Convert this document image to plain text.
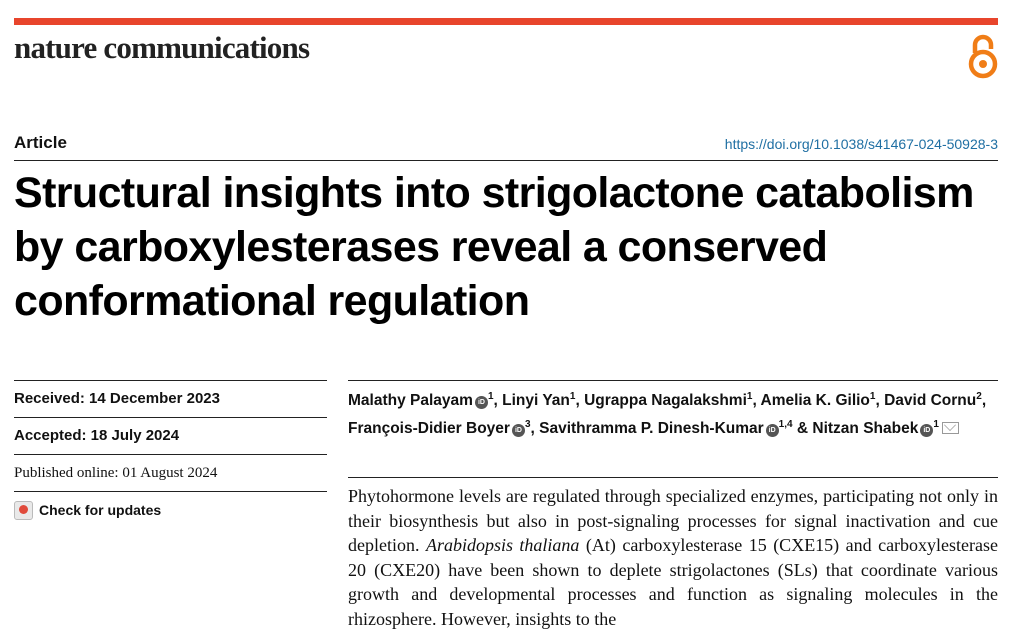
nature communications
Article	https://doi.org/10.1038/s41467-024-50928-3
Structural insights into strigolactone catabolism by carboxylesterases reveal a conserved conformational regulation
Received: 14 December 2023
Accepted: 18 July 2024
Published online: 01 August 2024
Check for updates

Malathy Palayam $iD^1$, Linyi Yan$^1$, Ugrappa Nagalakshmi$^1$, Amelia K. Gilio$^1$, David Cornu$^2$, François-Didier Boyer $iD^3$, Savithramma P. Dinesh-Kumar iD$^{1,4}$ & Nitzan Shabek $iD^1$

Phytohormone levels are regulated through specialized enzymes, participating not only in their biosynthesis but also in post-signaling processes for signal inactivation and cue depletion. Arabidopsis thaliana (At) carboxylesterase 15 (CXE15) and carboxylesterase 20 (CXE20) have been shown to deplete strigolactones (SLs) that coordinate various growth and developmental processes and function as signaling molecules in the rhizosphere. However, insights to the
